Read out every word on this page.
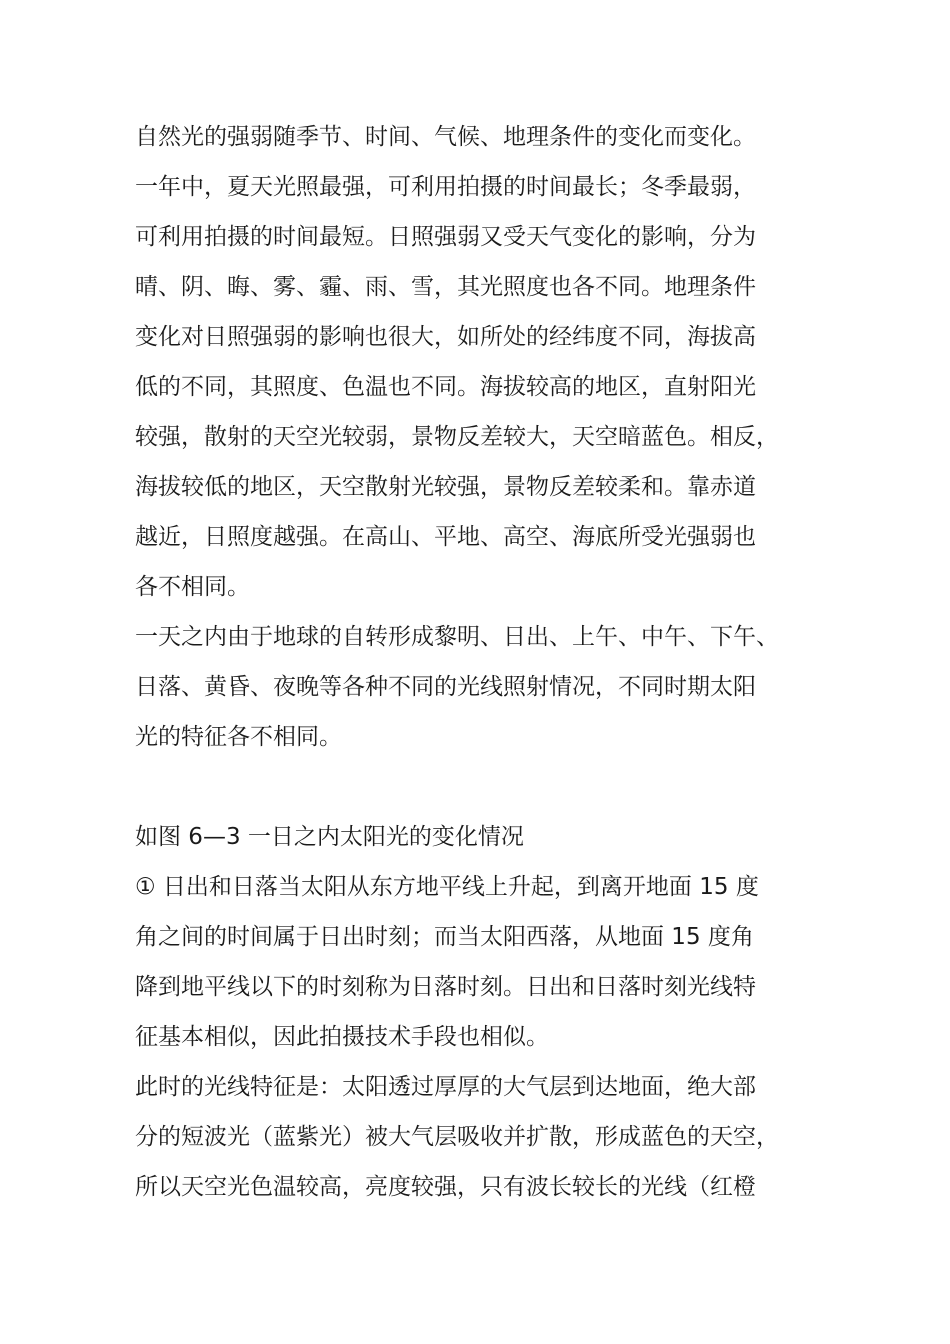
自然光的强弱随季节、时间、气候、地理条件的变化而变化。
一年中，夏天光照最强，可利用拍摄的时间最长；冬季最弱，
可利用拍摄的时间最短。日照强弱又受天气变化的影响，分为
晴、阴、晦、雾、霾、雨、雪，其光照度也各不同。地理条件
变化对日照强弱的影响也很大，如所处的经纬度不同，海拔高
低的不同，其照度、色温也不同。海拔较高的地区，直射阳光
较强，散射的天空光较弱，景物反差较大，天空暗蓝色。相反，
海拔较低的地区，天空散射光较强，景物反差较柔和。靠赤道
越近，日照度越强。在高山、平地、高空、海底所受光强弱也
各不相同。
一天之内由于地球的自转形成黎明、日出、上午、中午、下午、
日落、黄昏、夜晚等各种不同的光线照射情况，不同时期太阳
光的特征各不相同。
如图 6—3 一日之内太阳光的变化情况
① 日出和日落当太阳从东方地平线上升起，到离开地面 15 度
角之间的时间属于日出时刻；而当太阳西落，从地面 15 度角
降到地平线以下的时刻称为日落时刻。日出和日落时刻光线特
征基本相似，因此拍摄技术手段也相似。
此时的光线特征是：太阳透过厚厚的大气层到达地面，绝大部
分的短波光（蓝紫光）被大气层吸收并扩散，形成蓝色的天空，
所以天空光色温较高，亮度较强，只有波长较长的光线（红橙
